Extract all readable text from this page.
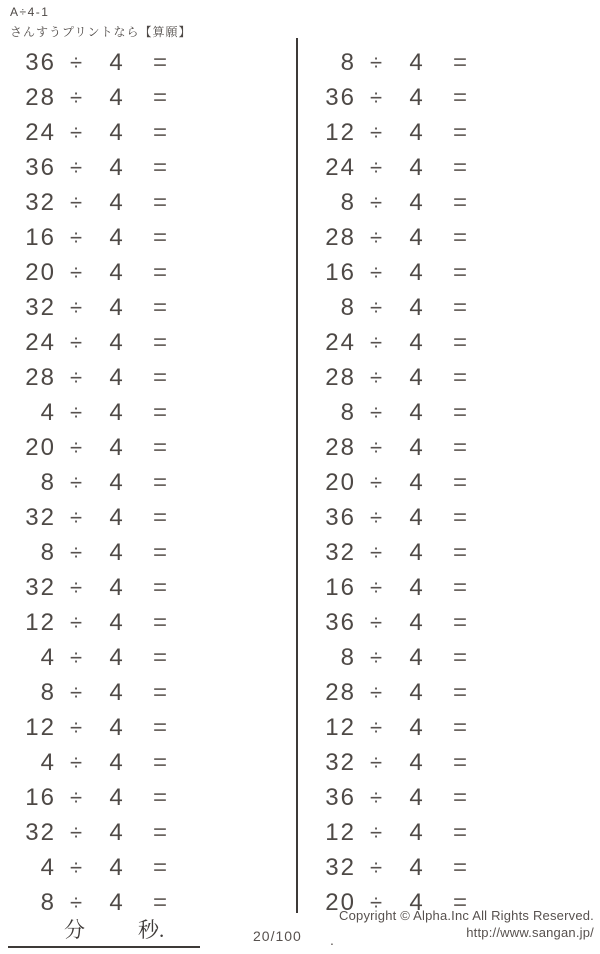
A÷4-1
さんすうプリントなら【算願】
36 ÷	4	=
28 ÷	4	=
24 ÷	4	=
36 ÷	4	=
32 ÷	4	=
16 ÷	4	=
20 ÷	4	=
32 ÷	4	=
24 ÷	4	=
28 ÷	4	=
4 ÷	4	=
20 ÷	4	=
8 ÷	4	=
32 ÷	4	=
8 ÷	4	=
32 ÷	4	=
12 ÷	4	=
4 ÷	4	=
8 ÷	4	=
12 ÷	4	=
4 ÷	4	=
16 ÷	4	=
32 ÷	4	=
4 ÷	4	=
8 ÷	4	=
8 ÷	4	=
36 ÷	4	=
12 ÷	4	=
24 ÷	4	=
8 ÷	4	=
28 ÷	4	=
16 ÷	4	=
8 ÷	4	=
24 ÷	4	=
28 ÷	4	=
8 ÷	4	=
28 ÷	4	=
20 ÷	4	=
36 ÷	4	=
32 ÷	4	=
16 ÷	4	=
36 ÷	4	=
8 ÷	4	=
28 ÷	4	=
12 ÷	4	=
32 ÷	4	=
36 ÷	4	=
12 ÷	4	=
32 ÷	4	=
20 ÷	4	=
分	秒.	20/100 .
Copyright © Alpha.Inc All Rights Reserved.
http://www.sangan.jp/
